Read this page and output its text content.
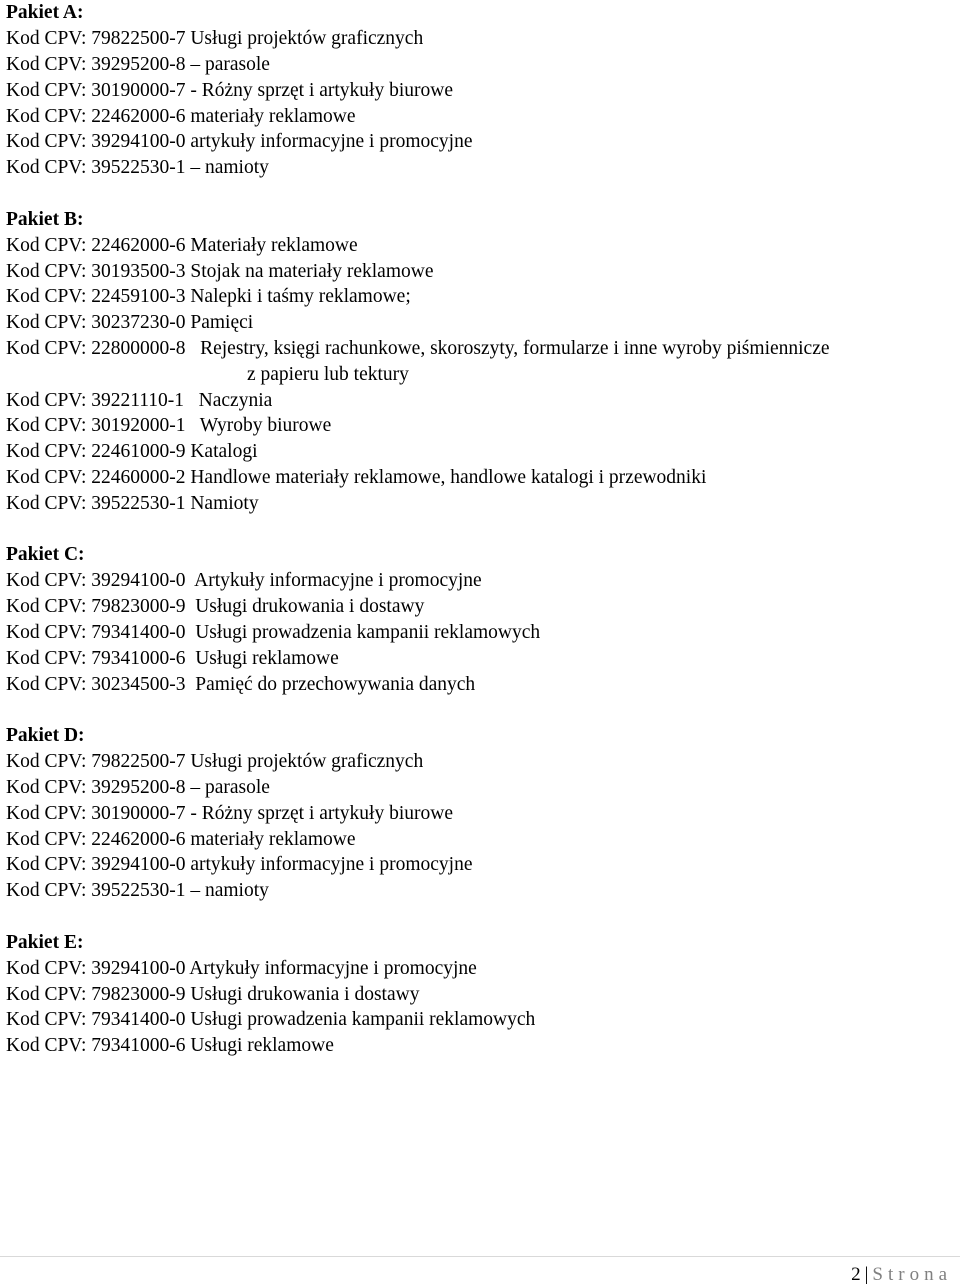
Pakiet A:
Kod CPV: 79822500-7 Usługi projektów graficznych
Kod CPV: 39295200-8 – parasole
Kod CPV: 30190000-7 - Różny sprzęt i artykuły biurowe
Kod CPV: 22462000-6 materiały reklamowe
Kod CPV: 39294100-0 artykuły informacyjne i promocyjne
Kod CPV: 39522530-1 – namioty
Pakiet B:
Kod CPV: 22462000-6 Materiały reklamowe
Kod CPV: 30193500-3 Stojak na materiały reklamowe
Kod CPV: 22459100-3 Nalepki i taśmy reklamowe;
Kod CPV: 30237230-0 Pamięci
Kod CPV: 22800000-8   Rejestry, księgi rachunkowe, skoroszyty, formularze i inne wyroby piśmiennicze
z papieru lub tektury
Kod CPV: 39221110-1   Naczynia
Kod CPV: 30192000-1   Wyroby biurowe
Kod CPV: 22461000-9 Katalogi
Kod CPV: 22460000-2 Handlowe materiały reklamowe, handlowe katalogi i przewodniki
Kod CPV: 39522530-1 Namioty
Pakiet C:
Kod CPV: 39294100-0  Artykuły informacyjne i promocyjne
Kod CPV: 79823000-9  Usługi drukowania i dostawy
Kod CPV: 79341400-0  Usługi prowadzenia kampanii reklamowych
Kod CPV: 79341000-6  Usługi reklamowe
Kod CPV: 30234500-3  Pamięć do przechowywania danych
Pakiet D:
Kod CPV: 79822500-7 Usługi projektów graficznych
Kod CPV: 39295200-8 – parasole
Kod CPV: 30190000-7 - Różny sprzęt i artykuły biurowe
Kod CPV: 22462000-6 materiały reklamowe
Kod CPV: 39294100-0 artykuły informacyjne i promocyjne
Kod CPV: 39522530-1 – namioty
Pakiet E:
Kod CPV: 39294100-0 Artykuły informacyjne i promocyjne
Kod CPV: 79823000-9 Usługi drukowania i dostawy
Kod CPV: 79341400-0 Usługi prowadzenia kampanii reklamowych
Kod CPV: 79341000-6 Usługi reklamowe
2 | Strona
